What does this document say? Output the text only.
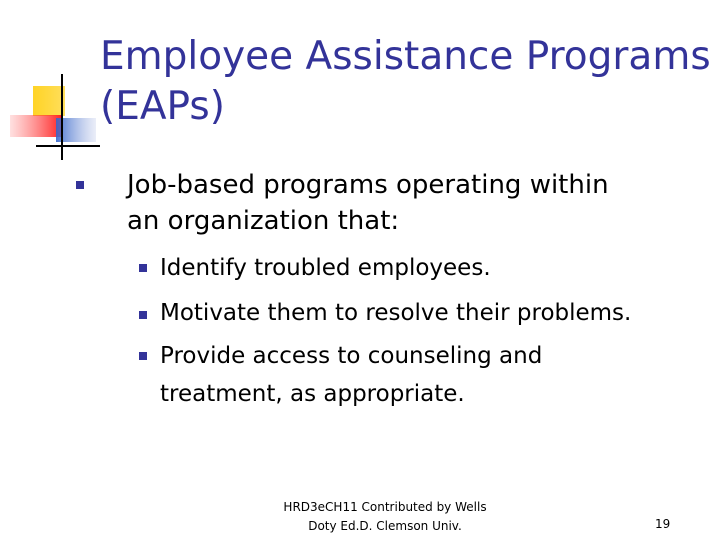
Employee Assistance Programs
(EAPs)
Job-based programs operating within
an organization that:
Identify troubled employees.
Motivate them to resolve their problems.
Provide access to counseling and
treatment, as appropriate.
HRD3eCH11 Contributed by Wells
Doty Ed.D. Clemson Univ.	19
